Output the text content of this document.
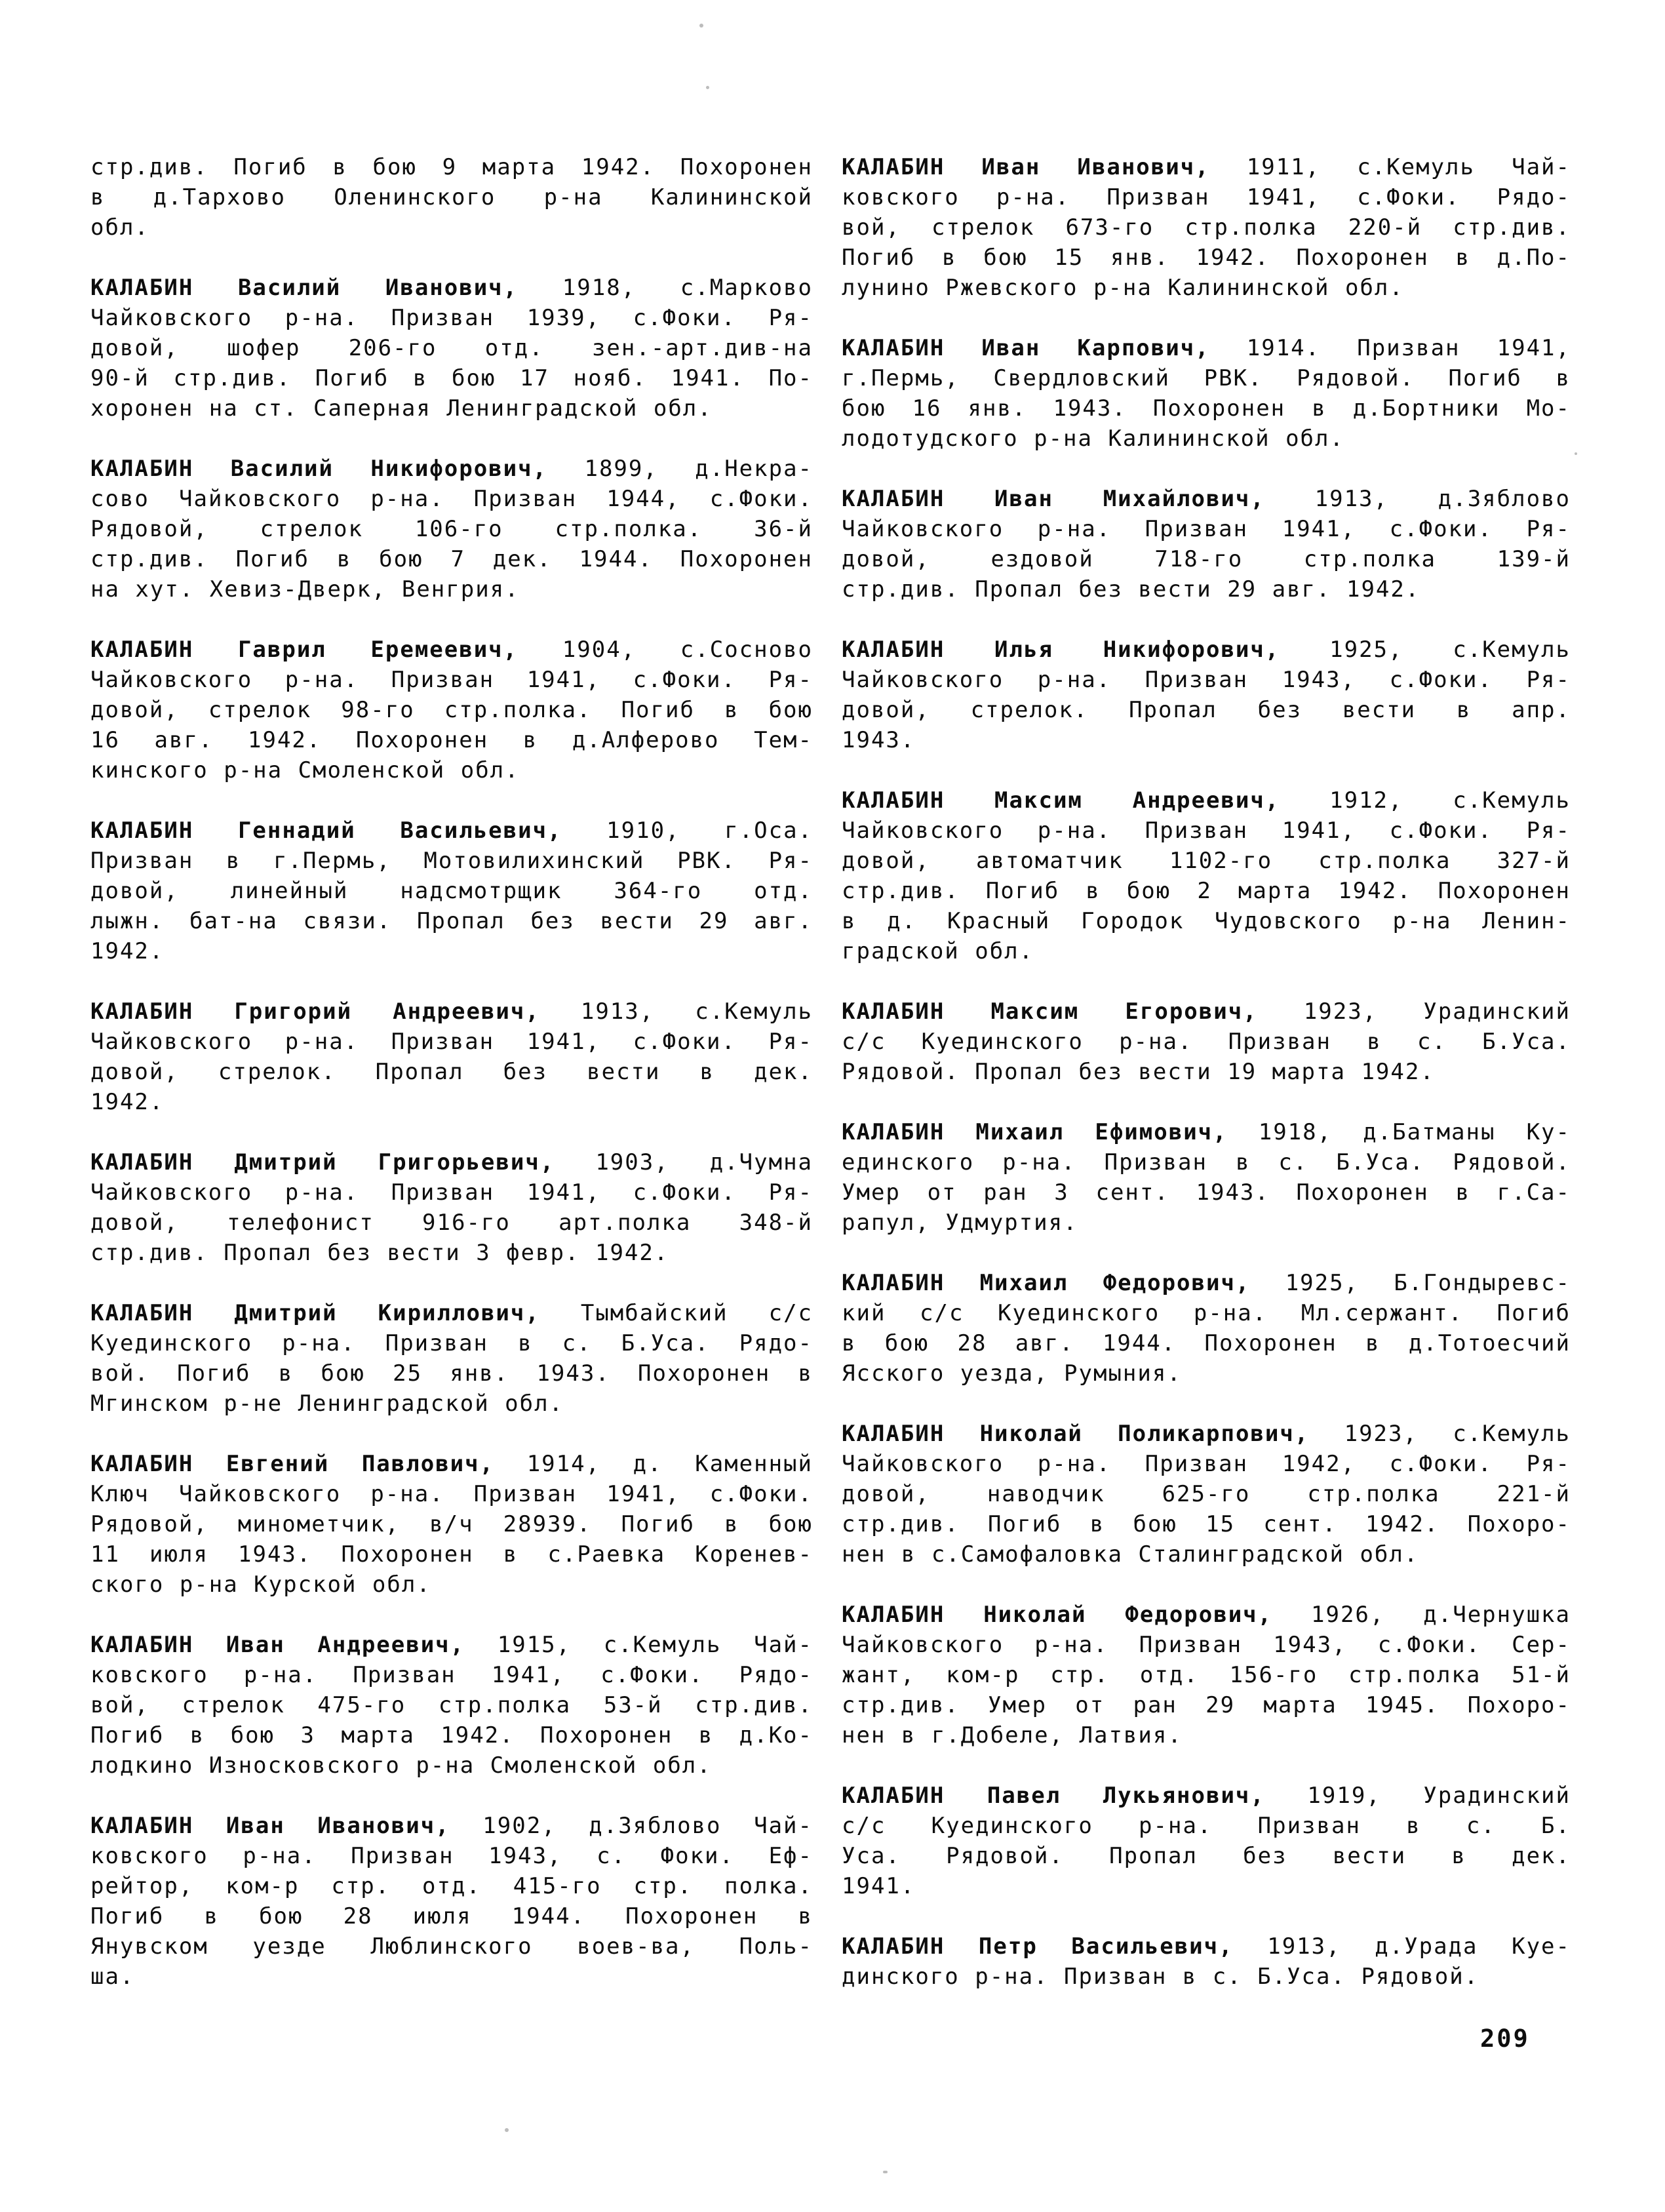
стр.див. Погиб в бою 9 марта 1942. Похоронен
в д.Тархово Оленинского р-на Калининской
обл.
КАЛАБИН Василий Иванович, 1918, с.Марково
Чайковского р-на. Призван 1939, с.Фоки. Ря-
довой, шофер 206-го отд. зен.-арт.див-на
90-й стр.див. Погиб в бою 17 нояб. 1941. По-
хоронен на ст. Саперная Ленинградской обл.
КАЛАБИН Василий Никифорович, 1899, д.Некра-
сово Чайковского р-на. Призван 1944, с.Фоки.
Рядовой, стрелок 106-го стр.полка. 36-й
стр.див. Погиб в бою 7 дек. 1944. Похоронен
на хут. Хевиз-Дверк, Венгрия.
КАЛАБИН Гаврил Еремеевич, 1904, с.Сосново
Чайковского р-на. Призван 1941, с.Фоки. Ря-
довой, стрелок 98-го стр.полка. Погиб в бою
16 авг. 1942. Похоронен в д.Алферово Тем-
кинского р-на Смоленской обл.
КАЛАБИН Геннадий Васильевич, 1910, г.Оса.
Призван в г.Пермь, Мотовилихинский РВК. Ря-
довой, линейный надсмотрщик 364-го отд.
лыжн. бат-на связи. Пропал без вести 29 авг.
1942.
КАЛАБИН Григорий Андреевич, 1913, с.Кемуль
Чайковского р-на. Призван 1941, с.Фоки. Ря-
довой, стрелок. Пропал без вести в дек.
1942.
КАЛАБИН Дмитрий Григорьевич, 1903, д.Чумна
Чайковского р-на. Призван 1941, с.Фоки. Ря-
довой, телефонист 916-го арт.полка 348-й
стр.див. Пропал без вести 3 февр. 1942.
КАЛАБИН Дмитрий Кириллович, Тымбайский с/с
Куединского р-на. Призван в с. Б.Уса. Рядо-
вой. Погиб в бою 25 янв. 1943. Похоронен в
Мгинском р-не Ленинградской обл.
КАЛАБИН Евгений Павлович, 1914, д. Каменный
Ключ Чайковского р-на. Призван 1941, с.Фоки.
Рядовой, минометчик, в/ч 28939. Погиб в бою
11 июля 1943. Похоронен в с.Раевка Коренев-
ского р-на Курской обл.
КАЛАБИН Иван Андреевич, 1915, с.Кемуль Чай-
ковского р-на. Призван 1941, с.Фоки. Рядо-
вой, стрелок 475-го стр.полка 53-й стр.див.
Погиб в бою 3 марта 1942. Похоронен в д.Ко-
лодкино Износковского р-на Смоленской обл.
КАЛАБИН Иван Иванович, 1902, д.Зяблово Чай-
ковского р-на. Призван 1943, с. Фоки. Еф-
рейтор, ком-р стр. отд. 415-го стр. полка.
Погиб в бою 28 июля 1944. Похоронен в
Янувском уезде Люблинского воев-ва, Поль-
ша.
КАЛАБИН Иван Иванович, 1911, с.Кемуль Чай-
ковского р-на. Призван 1941, с.Фоки. Рядо-
вой, стрелок 673-го стр.полка 220-й стр.див.
Погиб в бою 15 янв. 1942. Похоронен в д.По-
лунино Ржевского р-на Калининской обл.
КАЛАБИН Иван Карпович, 1914. Призван 1941,
г.Пермь, Свердловский РВК. Рядовой. Погиб в
бою 16 янв. 1943. Похоронен в д.Бортники Мо-
лодотудского р-на Калининской обл.
КАЛАБИН Иван Михайлович, 1913, д.Зяблово
Чайковского р-на. Призван 1941, с.Фоки. Ря-
довой, ездовой 718-го стр.полка 139-й
стр.див. Пропал без вести 29 авг. 1942.
КАЛАБИН Илья Никифорович, 1925, с.Кемуль
Чайковского р-на. Призван 1943, с.Фоки. Ря-
довой, стрелок. Пропал без вести в апр.
1943.
КАЛАБИН Максим Андреевич, 1912, с.Кемуль
Чайковского р-на. Призван 1941, с.Фоки. Ря-
довой, автоматчик 1102-го стр.полка 327-й
стр.див. Погиб в бою 2 марта 1942. Похоронен
в д. Красный Городок Чудовского р-на Ленин-
градской обл.
КАЛАБИН Максим Егорович, 1923, Урадинский
с/с Куединского р-на. Призван в с. Б.Уса.
Рядовой. Пропал без вести 19 марта 1942.
КАЛАБИН Михаил Ефимович, 1918, д.Батманы Ку-
единского р-на. Призван в с. Б.Уса. Рядовой.
Умер от ран 3 сент. 1943. Похоронен в г.Са-
рапул, Удмуртия.
КАЛАБИН Михаил Федорович, 1925, Б.Гондыревс-
кий с/с Куединского р-на. Мл.сержант. Погиб
в бою 28 авг. 1944. Похоронен в д.Тотоесчий
Ясского уезда, Румыния.
КАЛАБИН Николай Поликарпович, 1923, с.Кемуль
Чайковского р-на. Призван 1942, с.Фоки. Ря-
довой, наводчик 625-го стр.полка 221-й
стр.див. Погиб в бою 15 сент. 1942. Похоро-
нен в с.Самофаловка Сталинградской обл.
КАЛАБИН Николай Федорович, 1926, д.Чернушка
Чайковского р-на. Призван 1943, с.Фоки. Сер-
жант, ком-р стр. отд. 156-го стр.полка 51-й
стр.див. Умер от ран 29 марта 1945. Похоро-
нен в г.Добеле, Латвия.
КАЛАБИН Павел Лукьянович, 1919, Урадинский
с/с Куединского р-на. Призван в с. Б.
Уса. Рядовой. Пропал без вести в дек.
1941.
КАЛАБИН Петр Васильевич, 1913, д.Урада Куе-
динского р-на. Призван в с. Б.Уса. Рядовой.
209
